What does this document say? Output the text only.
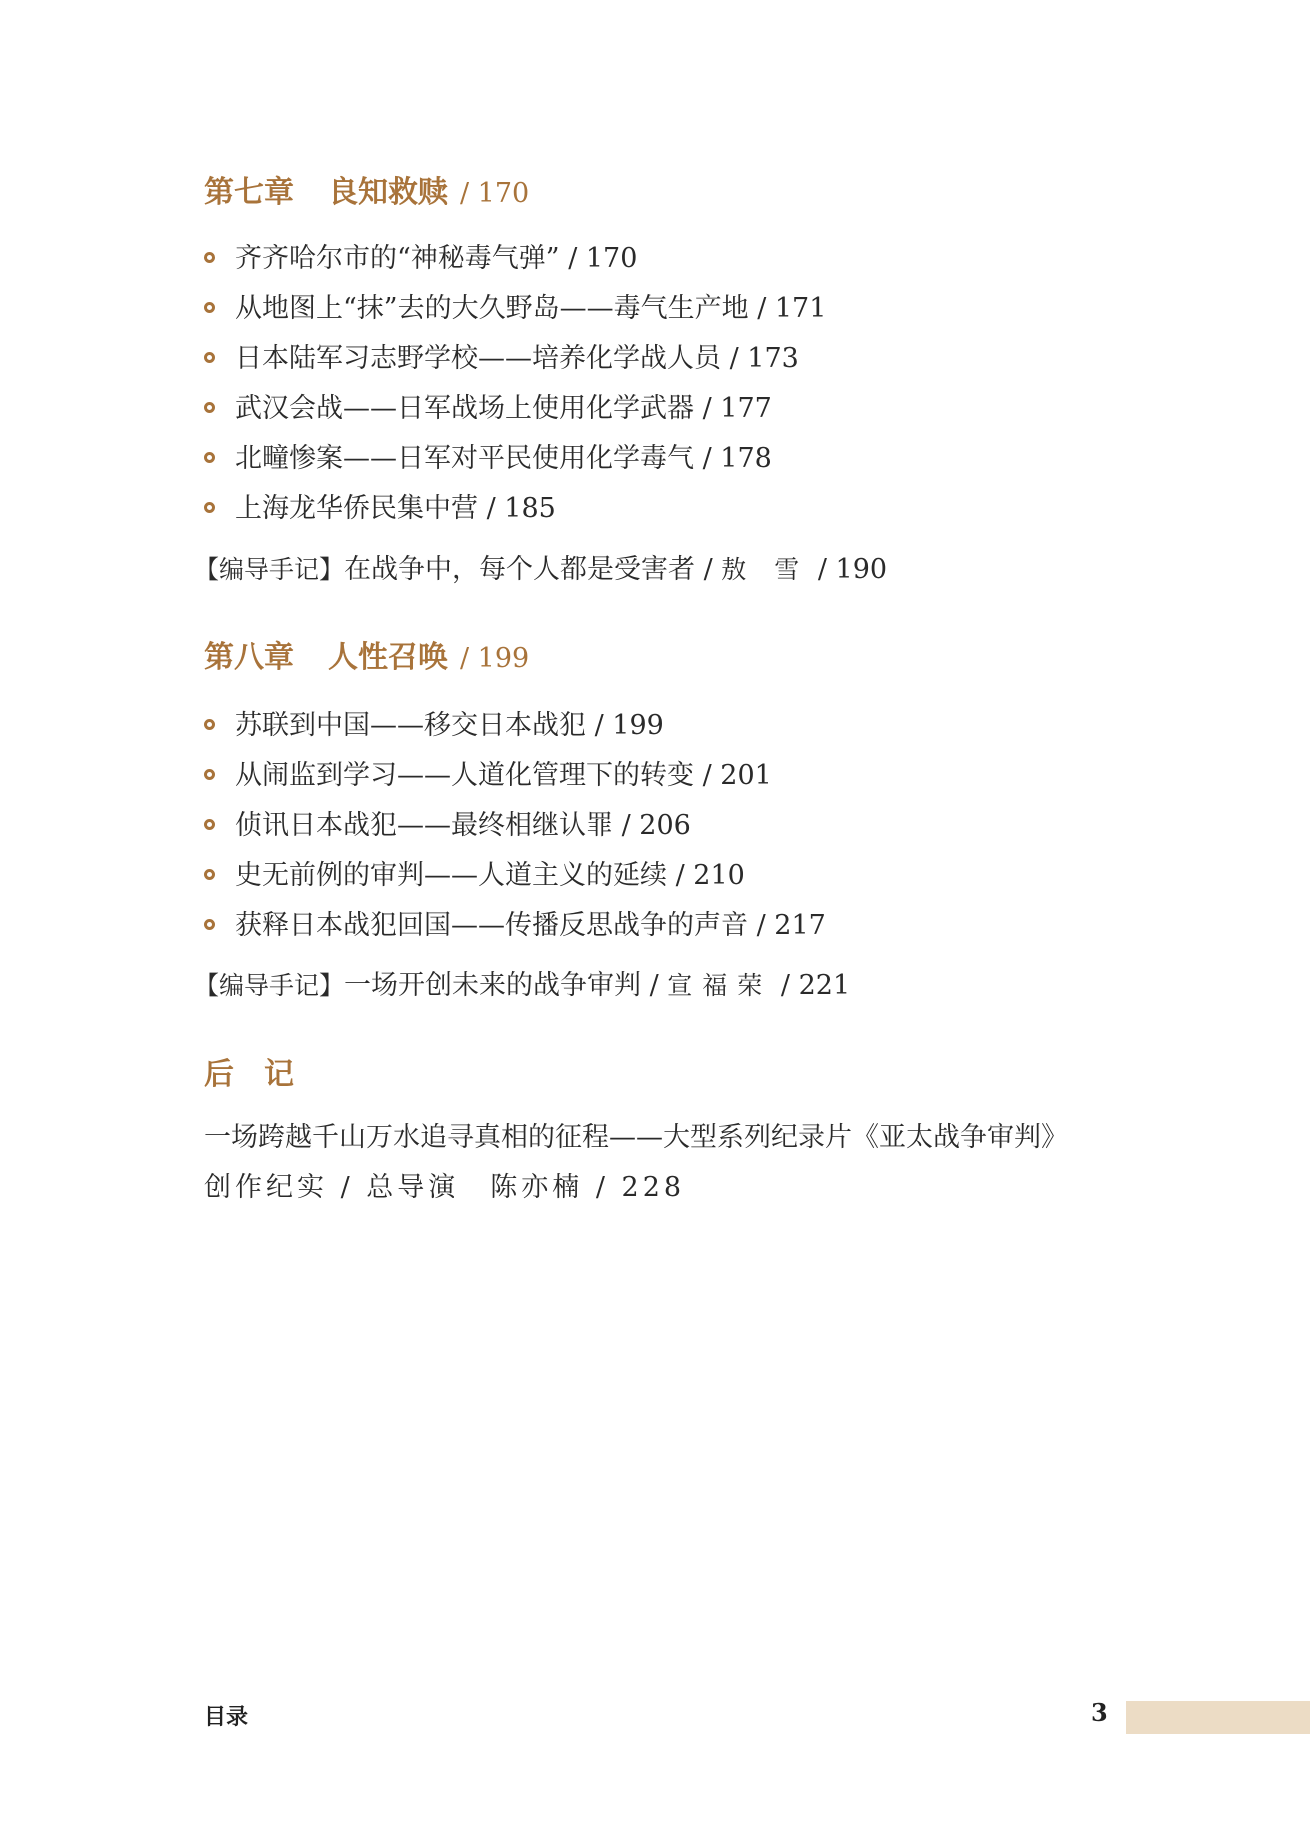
第七章 良知救赎 / 170
齐齐哈尔市的“神秘毒气弹” / 170
从地图上“抹”去的大久野岛——毒气生产地 / 171
日本陆军习志野学校——培养化学战人员 / 173
武汉会战——日军战场上使用化学武器 / 177
北疃惨案——日军对平民使用化学毒气 / 178
上海龙华侨民集中营 / 185
【编导手记】在战争中，每个人都是受害者 / 敖 雪 / 190
第八章 人性召唤 / 199
苏联到中国——移交日本战犯 / 199
从闹监到学习——人道化管理下的转变 / 201
侦讯日本战犯——最终相继认罪 / 206
史无前例的审判——人道主义的延续 / 210
获释日本战犯回国——传播反思战争的声音 / 217
【编导手记】一场开创未来的战争审判 / 宣福荣 / 221
后　记
一场跨越千山万水追寻真相的征程——大型系列纪录片《亚太战争审判》
创作纪实 / 总导演　陈亦楠 / 228
目录	3
